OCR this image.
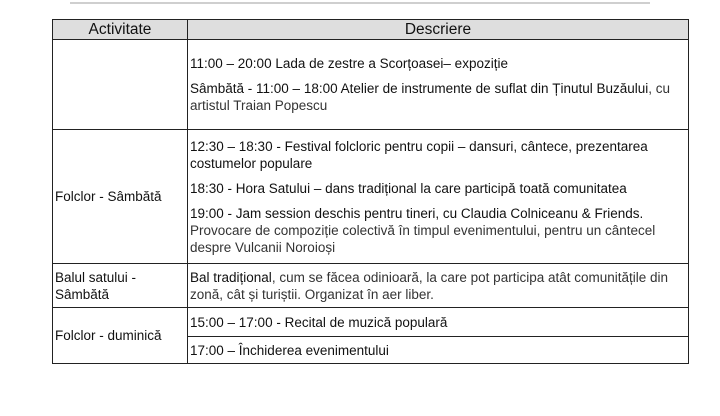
Activitate	Descriere

	11:00 – 20:00 Lada de zestre a Scorțoasei– expoziție

Sâmbătă - 11:00 – 18:00 Atelier de instrumente de suflat din Ținutul Buzăului, cu artistul Traian Popescu

Folclor - Sâmbătă	12:30 – 18:30 - Festival folcloric pentru copii – dansuri, cântece, prezentarea costumelor populare

18:30 - Hora Satului – dans tradițional la care participă toată comunitatea

19:00 - Jam session deschis pentru tineri, cu Claudia Colniceanu & Friends. Provocare de compoziție colectivă în timpul evenimentului, pentru un cântecel despre Vulcanii Noroioși

Balul satului - Sâmbătă	Bal tradițional, cum se făcea odinioară, la care pot participa atât comunitățile din zonă, cât și turiștii. Organizat în aer liber.

Folclor - duminică	15:00 – 17:00 - Recital de muzică populară

	17:00 – Închiderea evenimentului
